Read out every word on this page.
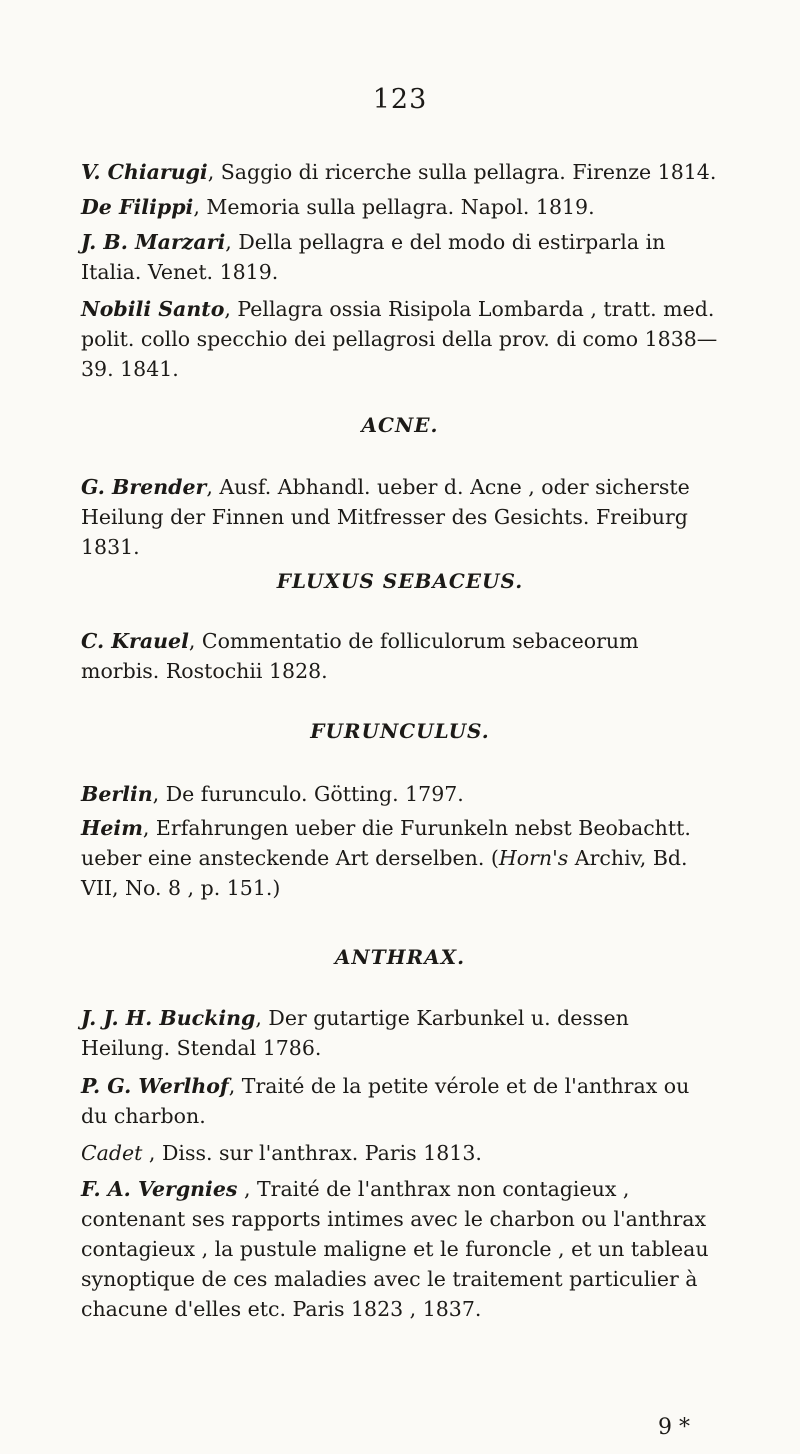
123

V. Chiarugi, Saggio di ricerche sulla pellagra. Firenze 1814.

De Filippi, Memoria sulla pellagra. Napol. 1819.

J. B. Marzari, Della pellagra e del modo di estirparla in Italia. Venet. 1819.

Nobili Santo, Pellagra ossia Risipola Lombarda , tratt. med. polit. collo specchio dei pellagrosi della prov. di como 1838—39. 1841.

ACNE.

G. Brender, Ausf. Abhandl. ueber d. Acne , oder sicherste Heilung der Finnen und Mitfresser des Gesichts. Freiburg 1831.

FLUXUS SEBACEUS.

C. Krauel, Commentatio de folliculorum sebaceorum morbis. Rostochii 1828.

FURUNCULUS.

Berlin, De furunculo. Götting. 1797.

Heim, Erfahrungen ueber die Furunkeln nebst Beobachtt. ueber eine ansteckende Art derselben. (Horn's Archiv, Bd. VII, No. 8 , p. 151.)

ANTHRAX.

J. J. H. Bucking, Der gutartige Karbunkel u. dessen Heilung. Stendal 1786.

P. G. Werlhof, Traité de la petite vérole et de l'anthrax ou du charbon.

Cadet , Diss. sur l'anthrax. Paris 1813.

F. A. Vergnies , Traité de l'anthrax non contagieux , contenant ses rapports intimes avec le charbon ou l'anthrax contagieux , la pustule maligne et le furoncle , et un tableau synoptique de ces maladies avec le traitement particulier à chacune d'elles etc. Paris 1823 , 1837.

9 *
